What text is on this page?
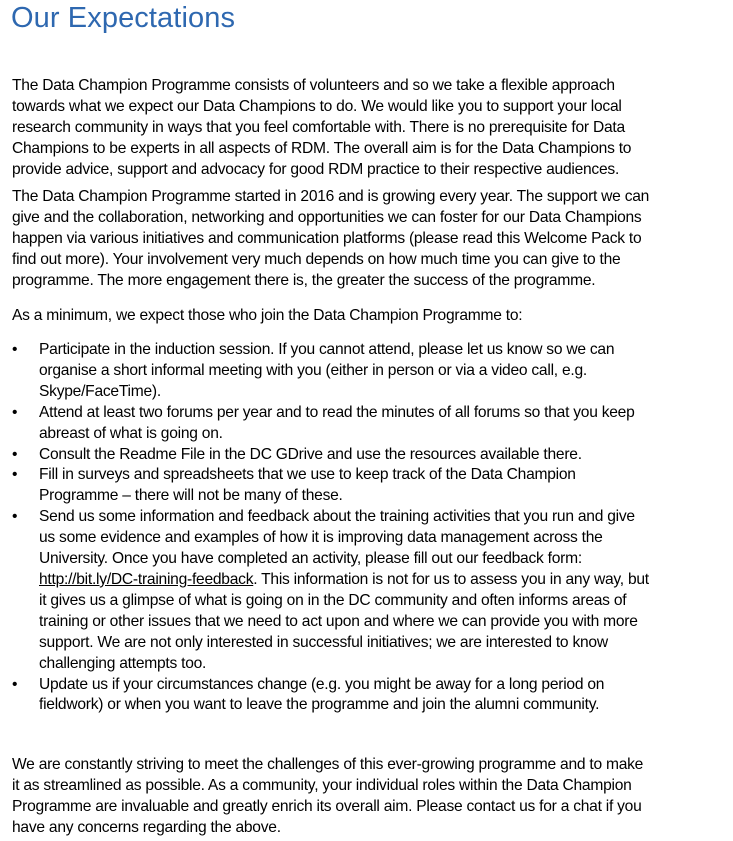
Our Expectations
The Data Champion Programme consists of volunteers and so we take a flexible approach
towards what we expect our Data Champions to do. We would like you to support your local
research community in ways that you feel comfortable with. There is no prerequisite for Data
Champions to be experts in all aspects of RDM. The overall aim is for the Data Champions to
provide advice, support and advocacy for good RDM practice to their respective audiences.
The Data Champion Programme started in 2016 and is growing every year. The support we can
give and the collaboration, networking and opportunities we can foster for our Data Champions
happen via various initiatives and communication platforms (please read this Welcome Pack to
find out more). Your involvement very much depends on how much time you can give to the
programme. The more engagement there is, the greater the success of the programme.
As a minimum, we expect those who join the Data Champion Programme to:
•	Participate in the induction session. If you cannot attend, please let us know so we can
organise a short informal meeting with you (either in person or via a video call, e.g.
Skype/FaceTime).
•	Attend at least two forums per year and to read the minutes of all forums so that you keep
abreast of what is going on.
•	Consult the Readme File in the DC GDrive and use the resources available there.
•	Fill in surveys and spreadsheets that we use to keep track of the Data Champion
Programme – there will not be many of these.
•	Send us some information and feedback about the training activities that you run and give
us some evidence and examples of how it is improving data management across the
University. Once you have completed an activity, please fill out our feedback form:
http://bit.ly/DC-training-feedback. This information is not for us to assess you in any way, but
it gives us a glimpse of what is going on in the DC community and often informs areas of
training or other issues that we need to act upon and where we can provide you with more
support. We are not only interested in successful initiatives; we are interested to know
challenging attempts too.
•	Update us if your circumstances change (e.g. you might be away for a long period on
fieldwork) or when you want to leave the programme and join the alumni community.
We are constantly striving to meet the challenges of this ever-growing programme and to make
it as streamlined as possible. As a community, your individual roles within the Data Champion
Programme are invaluable and greatly enrich its overall aim. Please contact us for a chat if you
have any concerns regarding the above.
